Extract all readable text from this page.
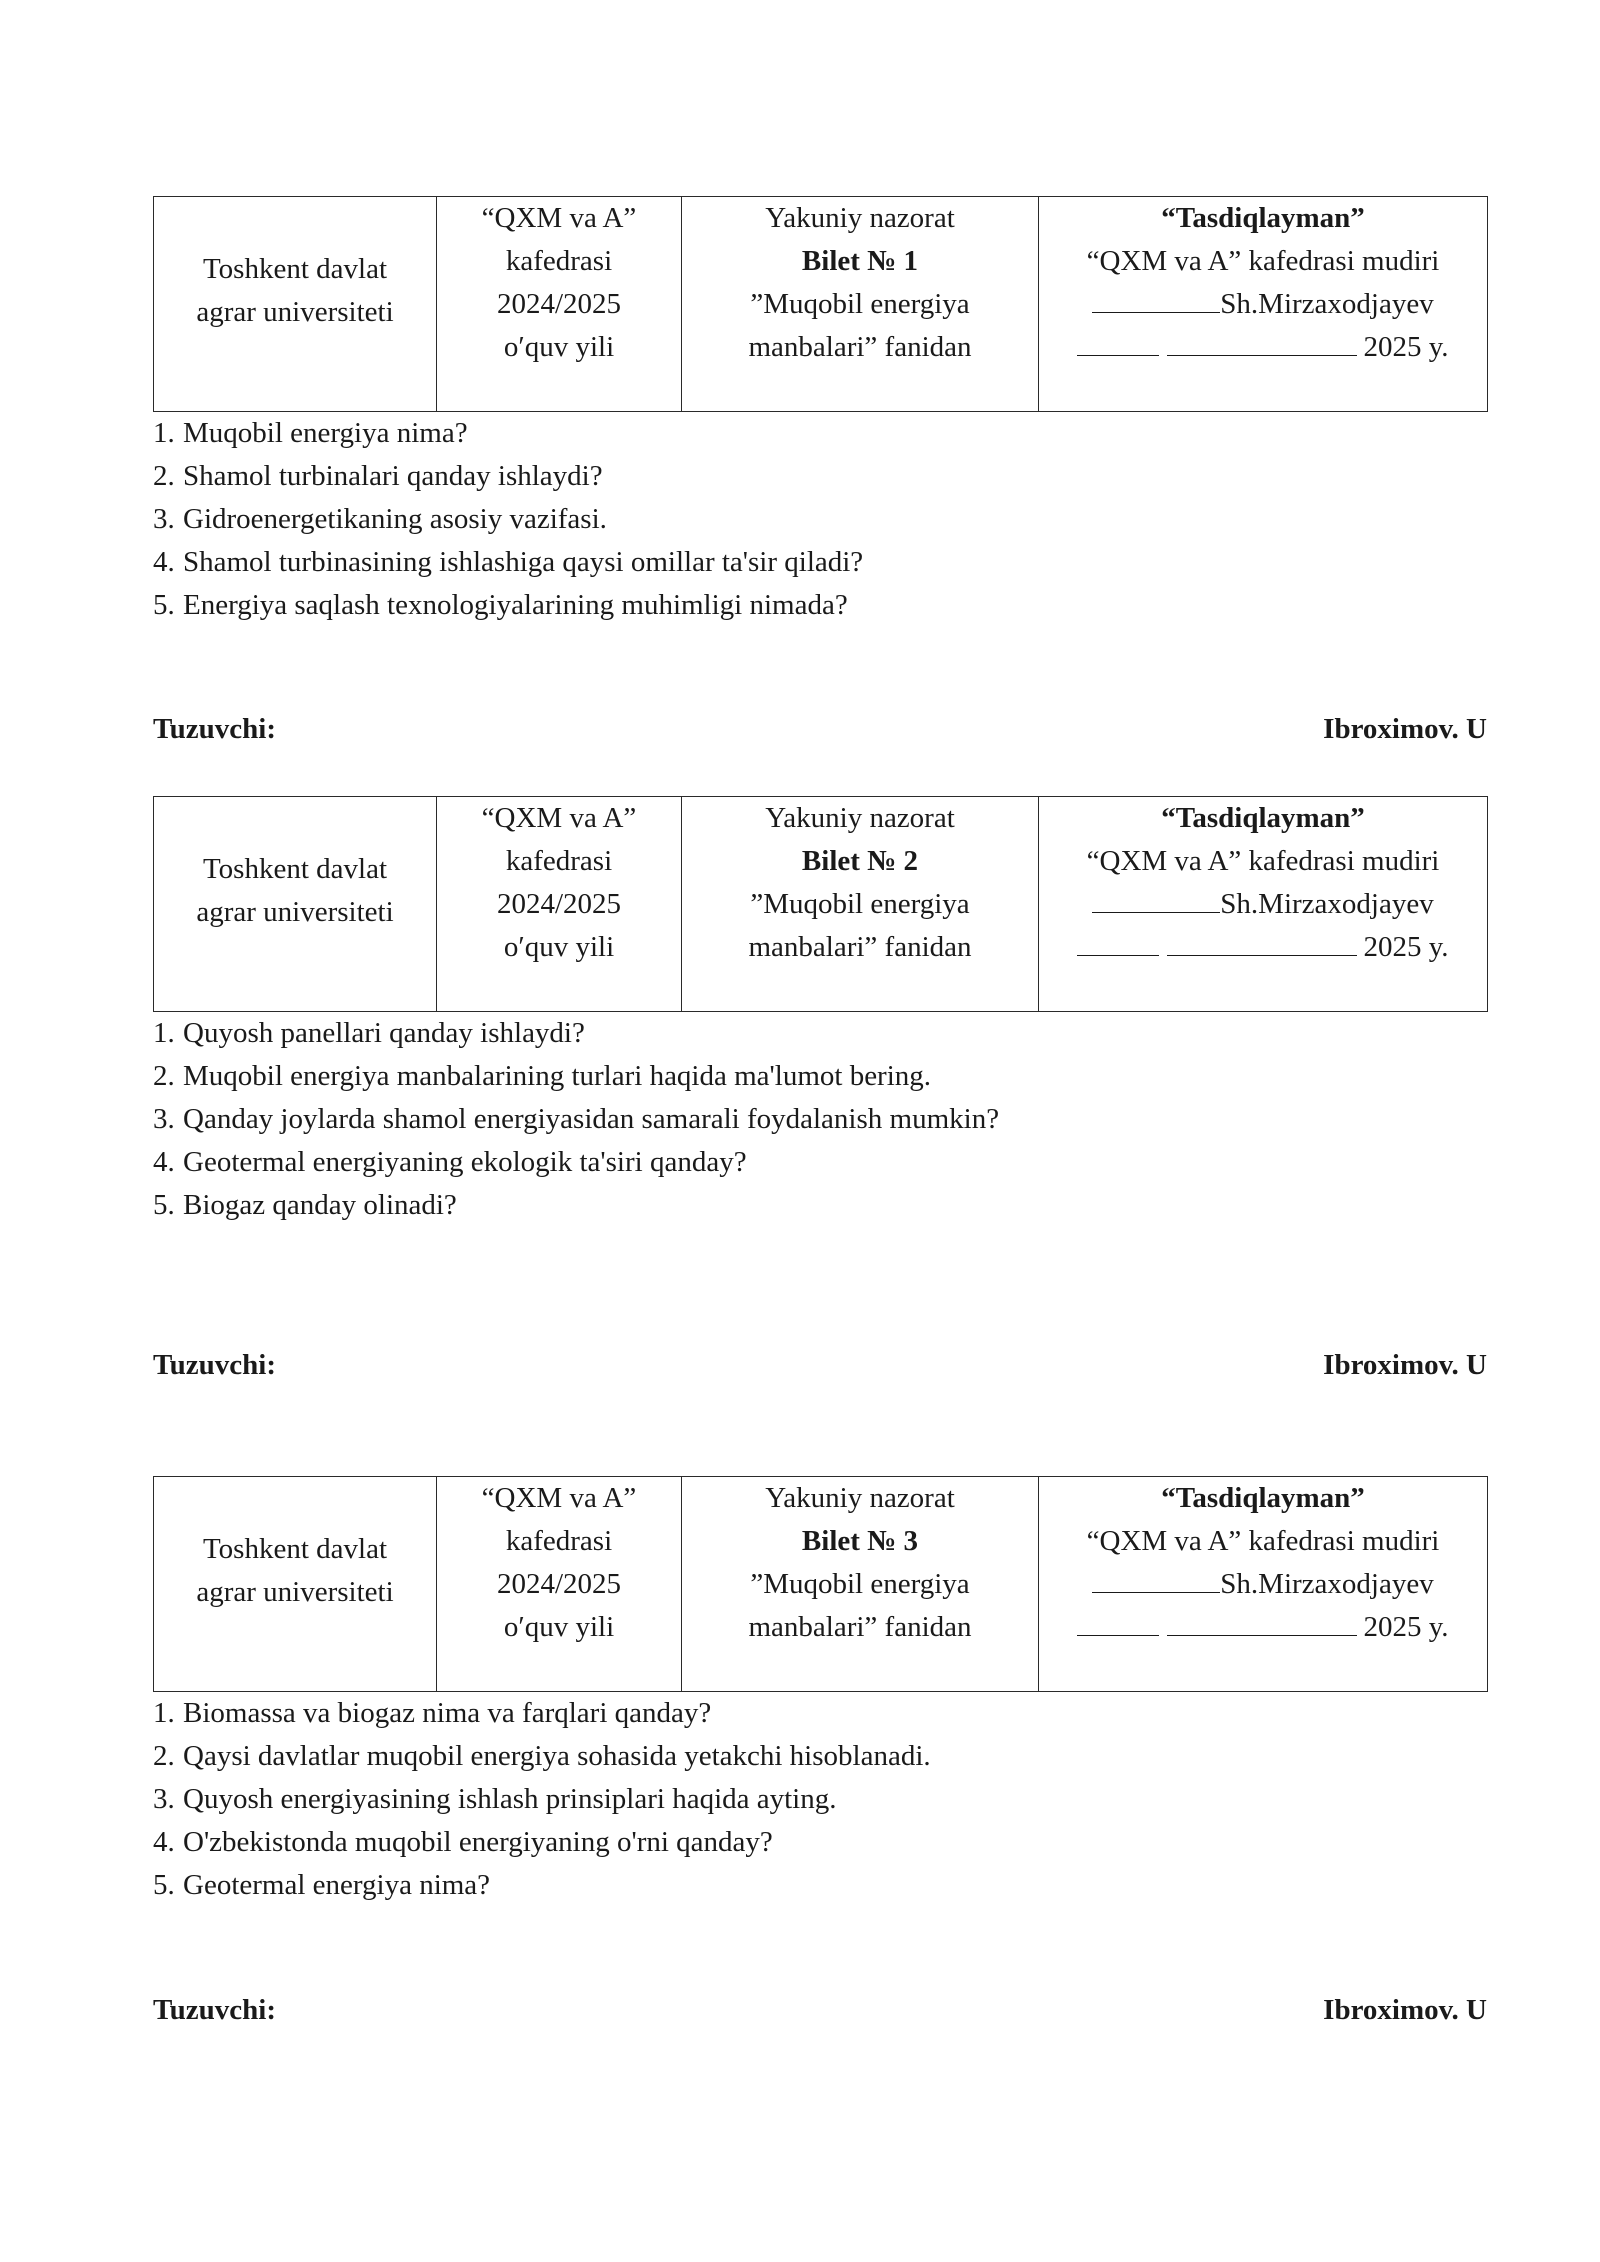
Toshkent davlat
agrar universiteti

“QXM va A”
kafedrasi
2024/2025
o′quv yili

Yakuniy nazorat
Bilet № 1
”Muqobil energiya
manbalari” fanidan

“Tasdiqlayman”
“QXM va A” kafedrasi mudiri
Sh.Mirzaxodjayev
2025 y.
1. Muqobil energiya nima?
2. Shamol turbinalari qanday ishlaydi?
3. Gidroenergetikaning asosiy vazifasi.
4. Shamol turbinasining ishlashiga qaysi omillar ta'sir qiladi?
5. Energiya saqlash texnologiyalarining muhimligi nimada?
Tuzuvchi:	Ibroximov. U
Toshkent davlat
agrar universiteti

“QXM va A”
kafedrasi
2024/2025
o′quv yili

Yakuniy nazorat
Bilet № 2
”Muqobil energiya
manbalari” fanidan

“Tasdiqlayman”
“QXM va A” kafedrasi mudiri
Sh.Mirzaxodjayev
2025 y.
1. Quyosh panellari qanday ishlaydi?
2. Muqobil energiya manbalarining turlari haqida ma'lumot bering.
3. Qanday joylarda shamol energiyasidan samarali foydalanish mumkin?
4. Geotermal energiyaning ekologik ta'siri qanday?
5. Biogaz qanday olinadi?
Tuzuvchi:	Ibroximov. U
Toshkent davlat
agrar universiteti

“QXM va A”
kafedrasi
2024/2025
o′quv yili

Yakuniy nazorat
Bilet № 3
”Muqobil energiya
manbalari” fanidan

“Tasdiqlayman”
“QXM va A” kafedrasi mudiri
Sh.Mirzaxodjayev
2025 y.
1. Biomassa va biogaz nima va farqlari qanday?
2. Qaysi davlatlar muqobil energiya sohasida yetakchi hisoblanadi.
3. Quyosh energiyasining ishlash prinsiplari haqida ayting.
4. O'zbekistonda muqobil energiyaning o'rni qanday?
5. Geotermal energiya nima?
Tuzuvchi:	Ibroximov. U
